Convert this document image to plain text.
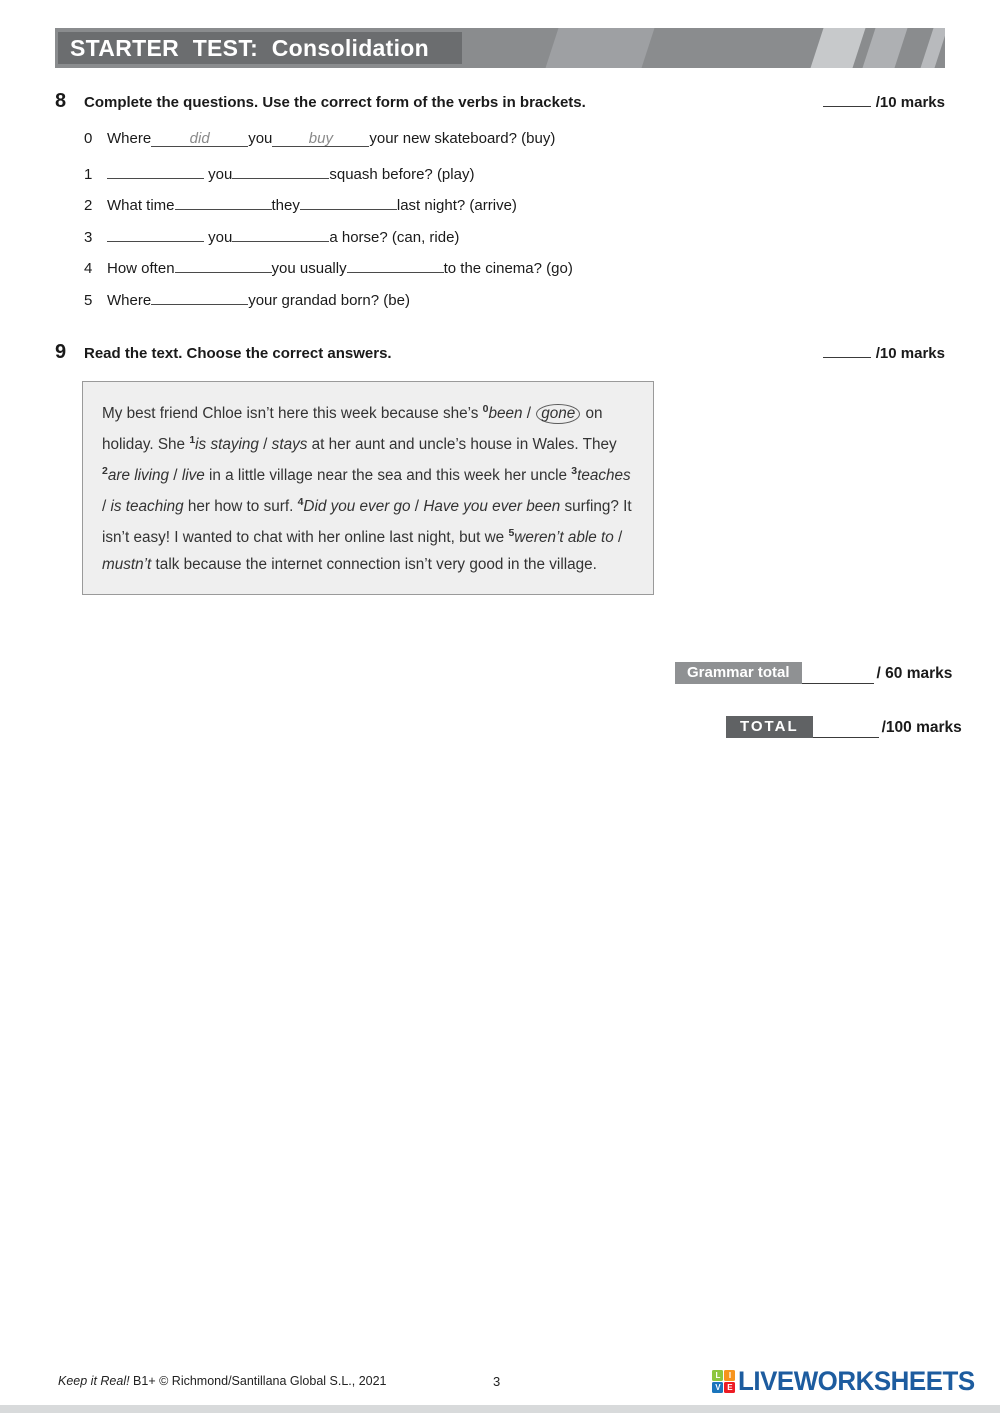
STARTER TEST: Consolidation
8	Complete the questions. Use the correct form of the verbs in brackets.	/10 marks
0 Where	did	you buy your new skateboard? (buy)
1	you	squash before? (play)
2 What time	they	last night? (arrive)
3	you	a horse? (can, ride)
4 How often	you usually	to the cinema? (go)
5 Where	your grandad born? (be)
9	Read the text. Choose the correct answers.	/10 marks
My best friend Chloe isn’t here this week because she’s $^0$been / gone on holiday. She $^1$is staying / stays at her aunt and uncle’s house in Wales. They $^2$are living / live in a little village near the sea and this week her uncle $^3$teaches / is teaching her how to surf. $^4$Did you ever go / Have you ever been surfing? It isn’t easy! I wanted to chat with her online last night, but we $^5$weren’t able to / mustn’t talk because the internet connection isn’t very good in the village.
Grammar total	/ 60 marks
TOTAL	/100 marks
Keep it Real! B1+ © Richmond/Santillana Global S.L., 2021	3	L	I
V E LIVEWORKSHEETS
